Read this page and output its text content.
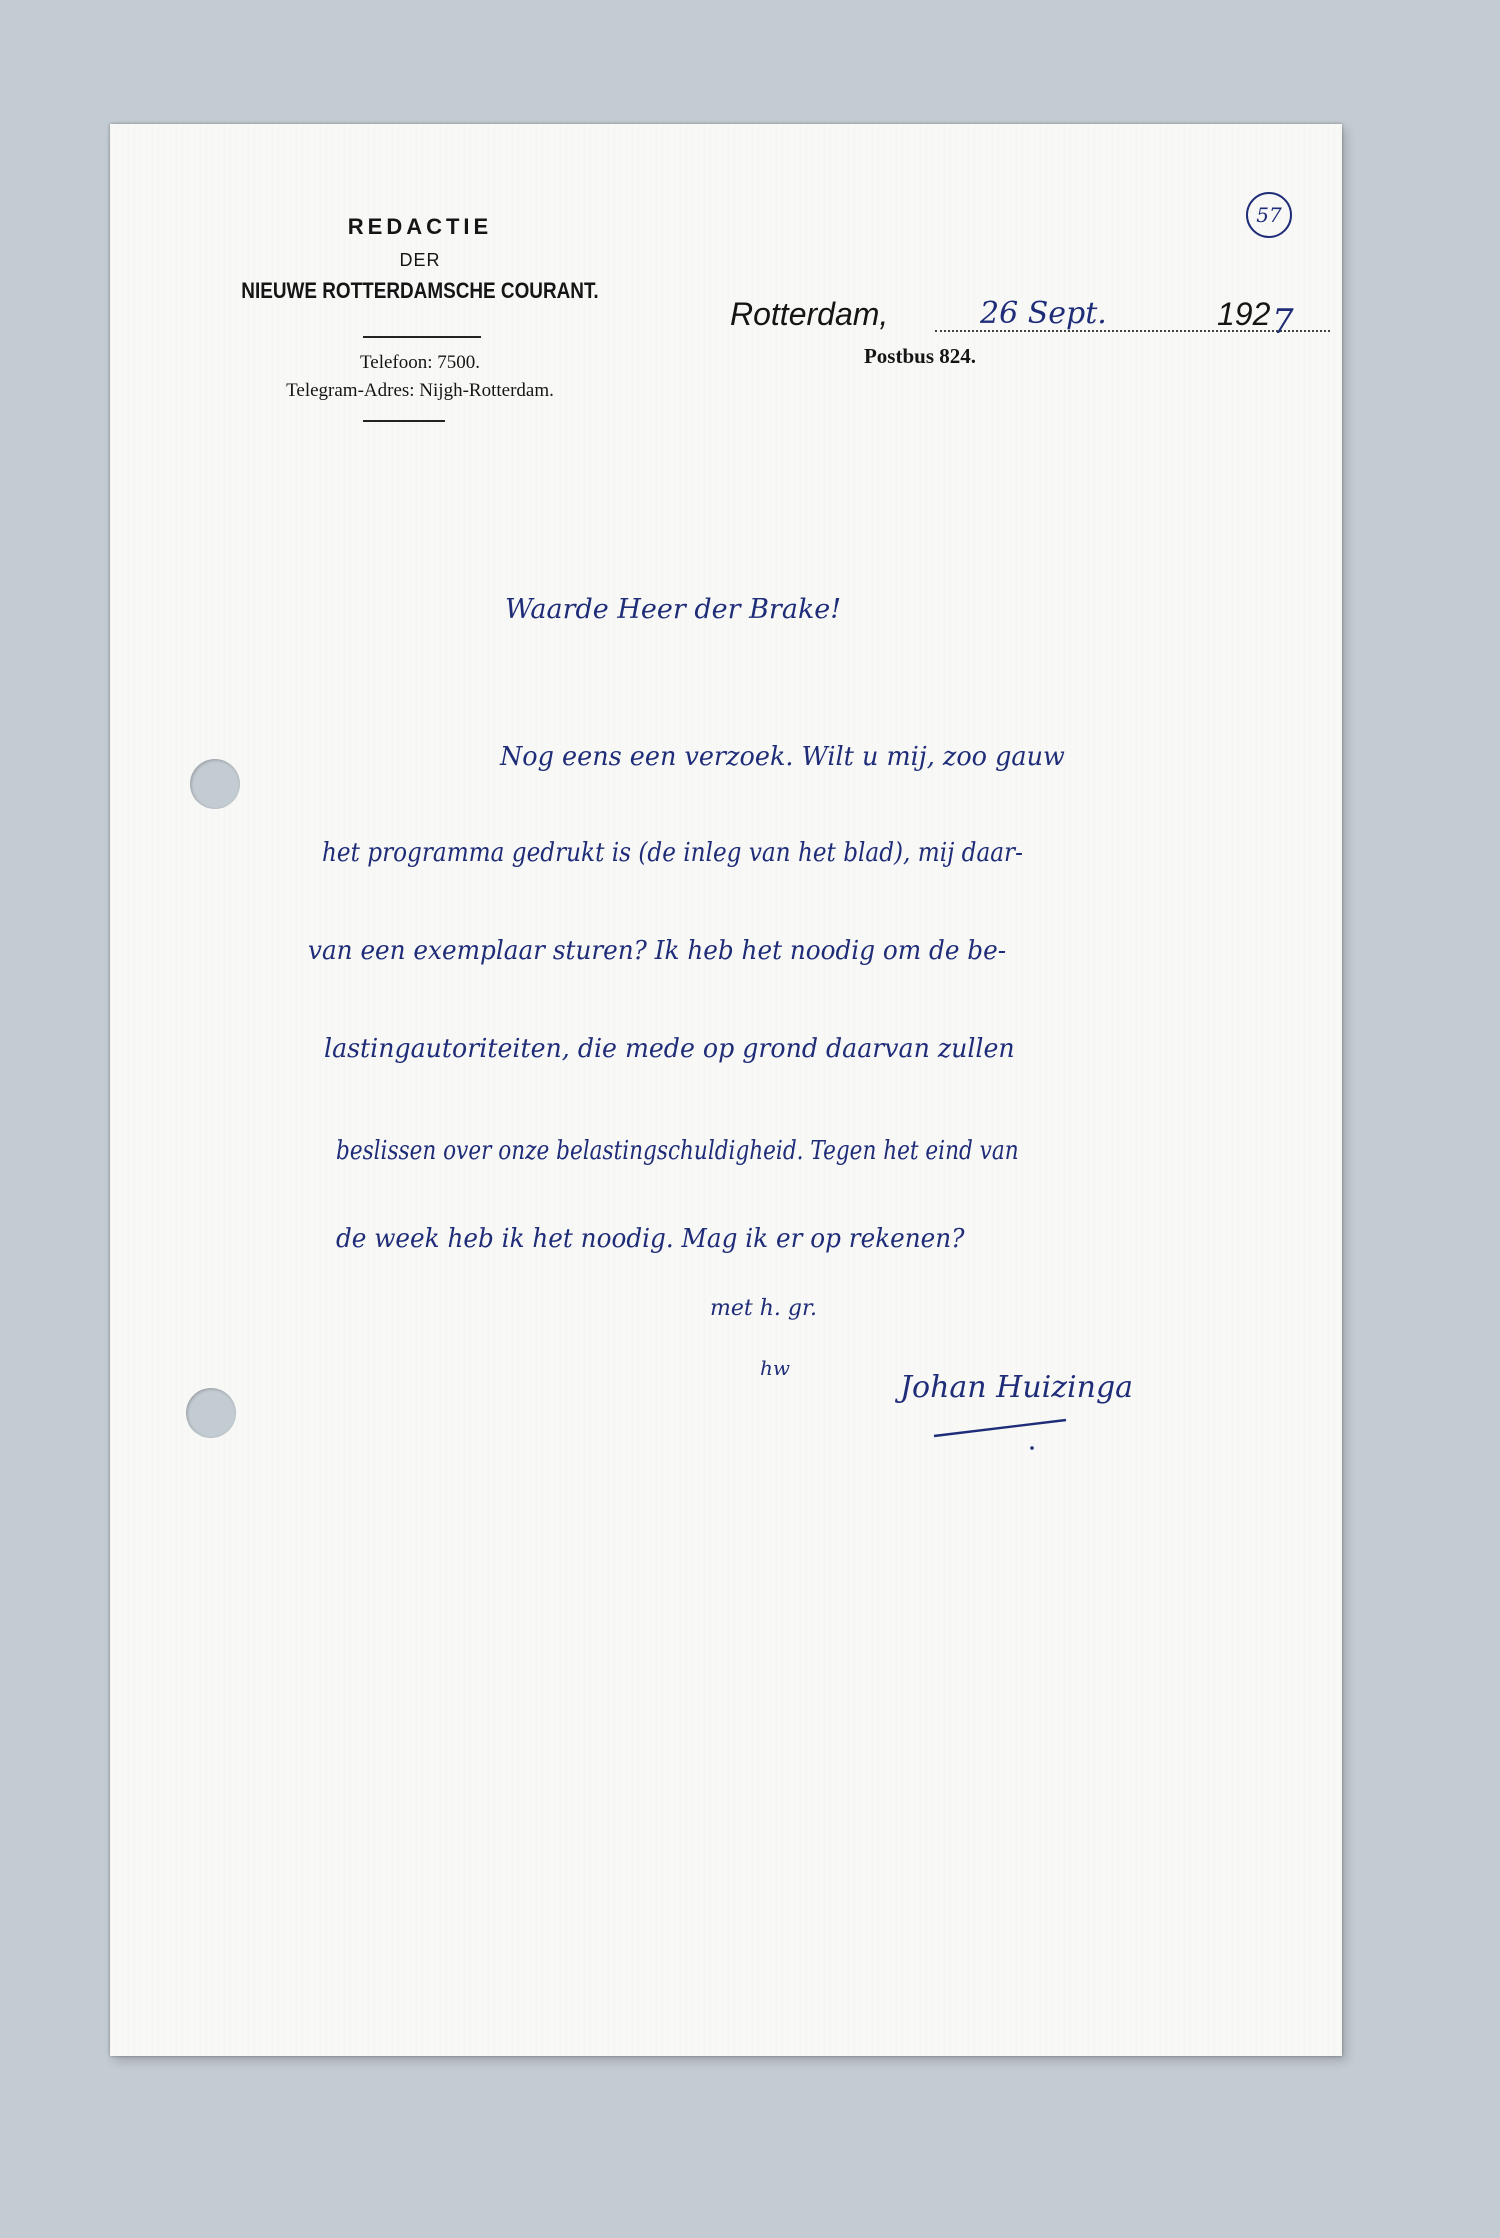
57
REDACTIE
DER
NIEUWE ROTTERDAMSCHE COURANT.
Telefoon: 7500.
Telegram-Adres: Nijgh-Rotterdam.
Rotterdam,	26 Sept.	192 7
Postbus 824.
Waarde Heer der Brake!
Nog eens een verzoek. Wilt u mij, zoo gauw
het programma gedrukt is (de inleg van het blad), mij daar-
van een exemplaar sturen? Ik heb het noodig om de be-
lastingautoriteiten, die mede op grond daarvan zullen
beslissen over onze belastingschuldigheid. Tegen het eind van
de week heb ik het noodig. Mag ik er op rekenen?
met h. gr.
hw
Johan Huizinga
